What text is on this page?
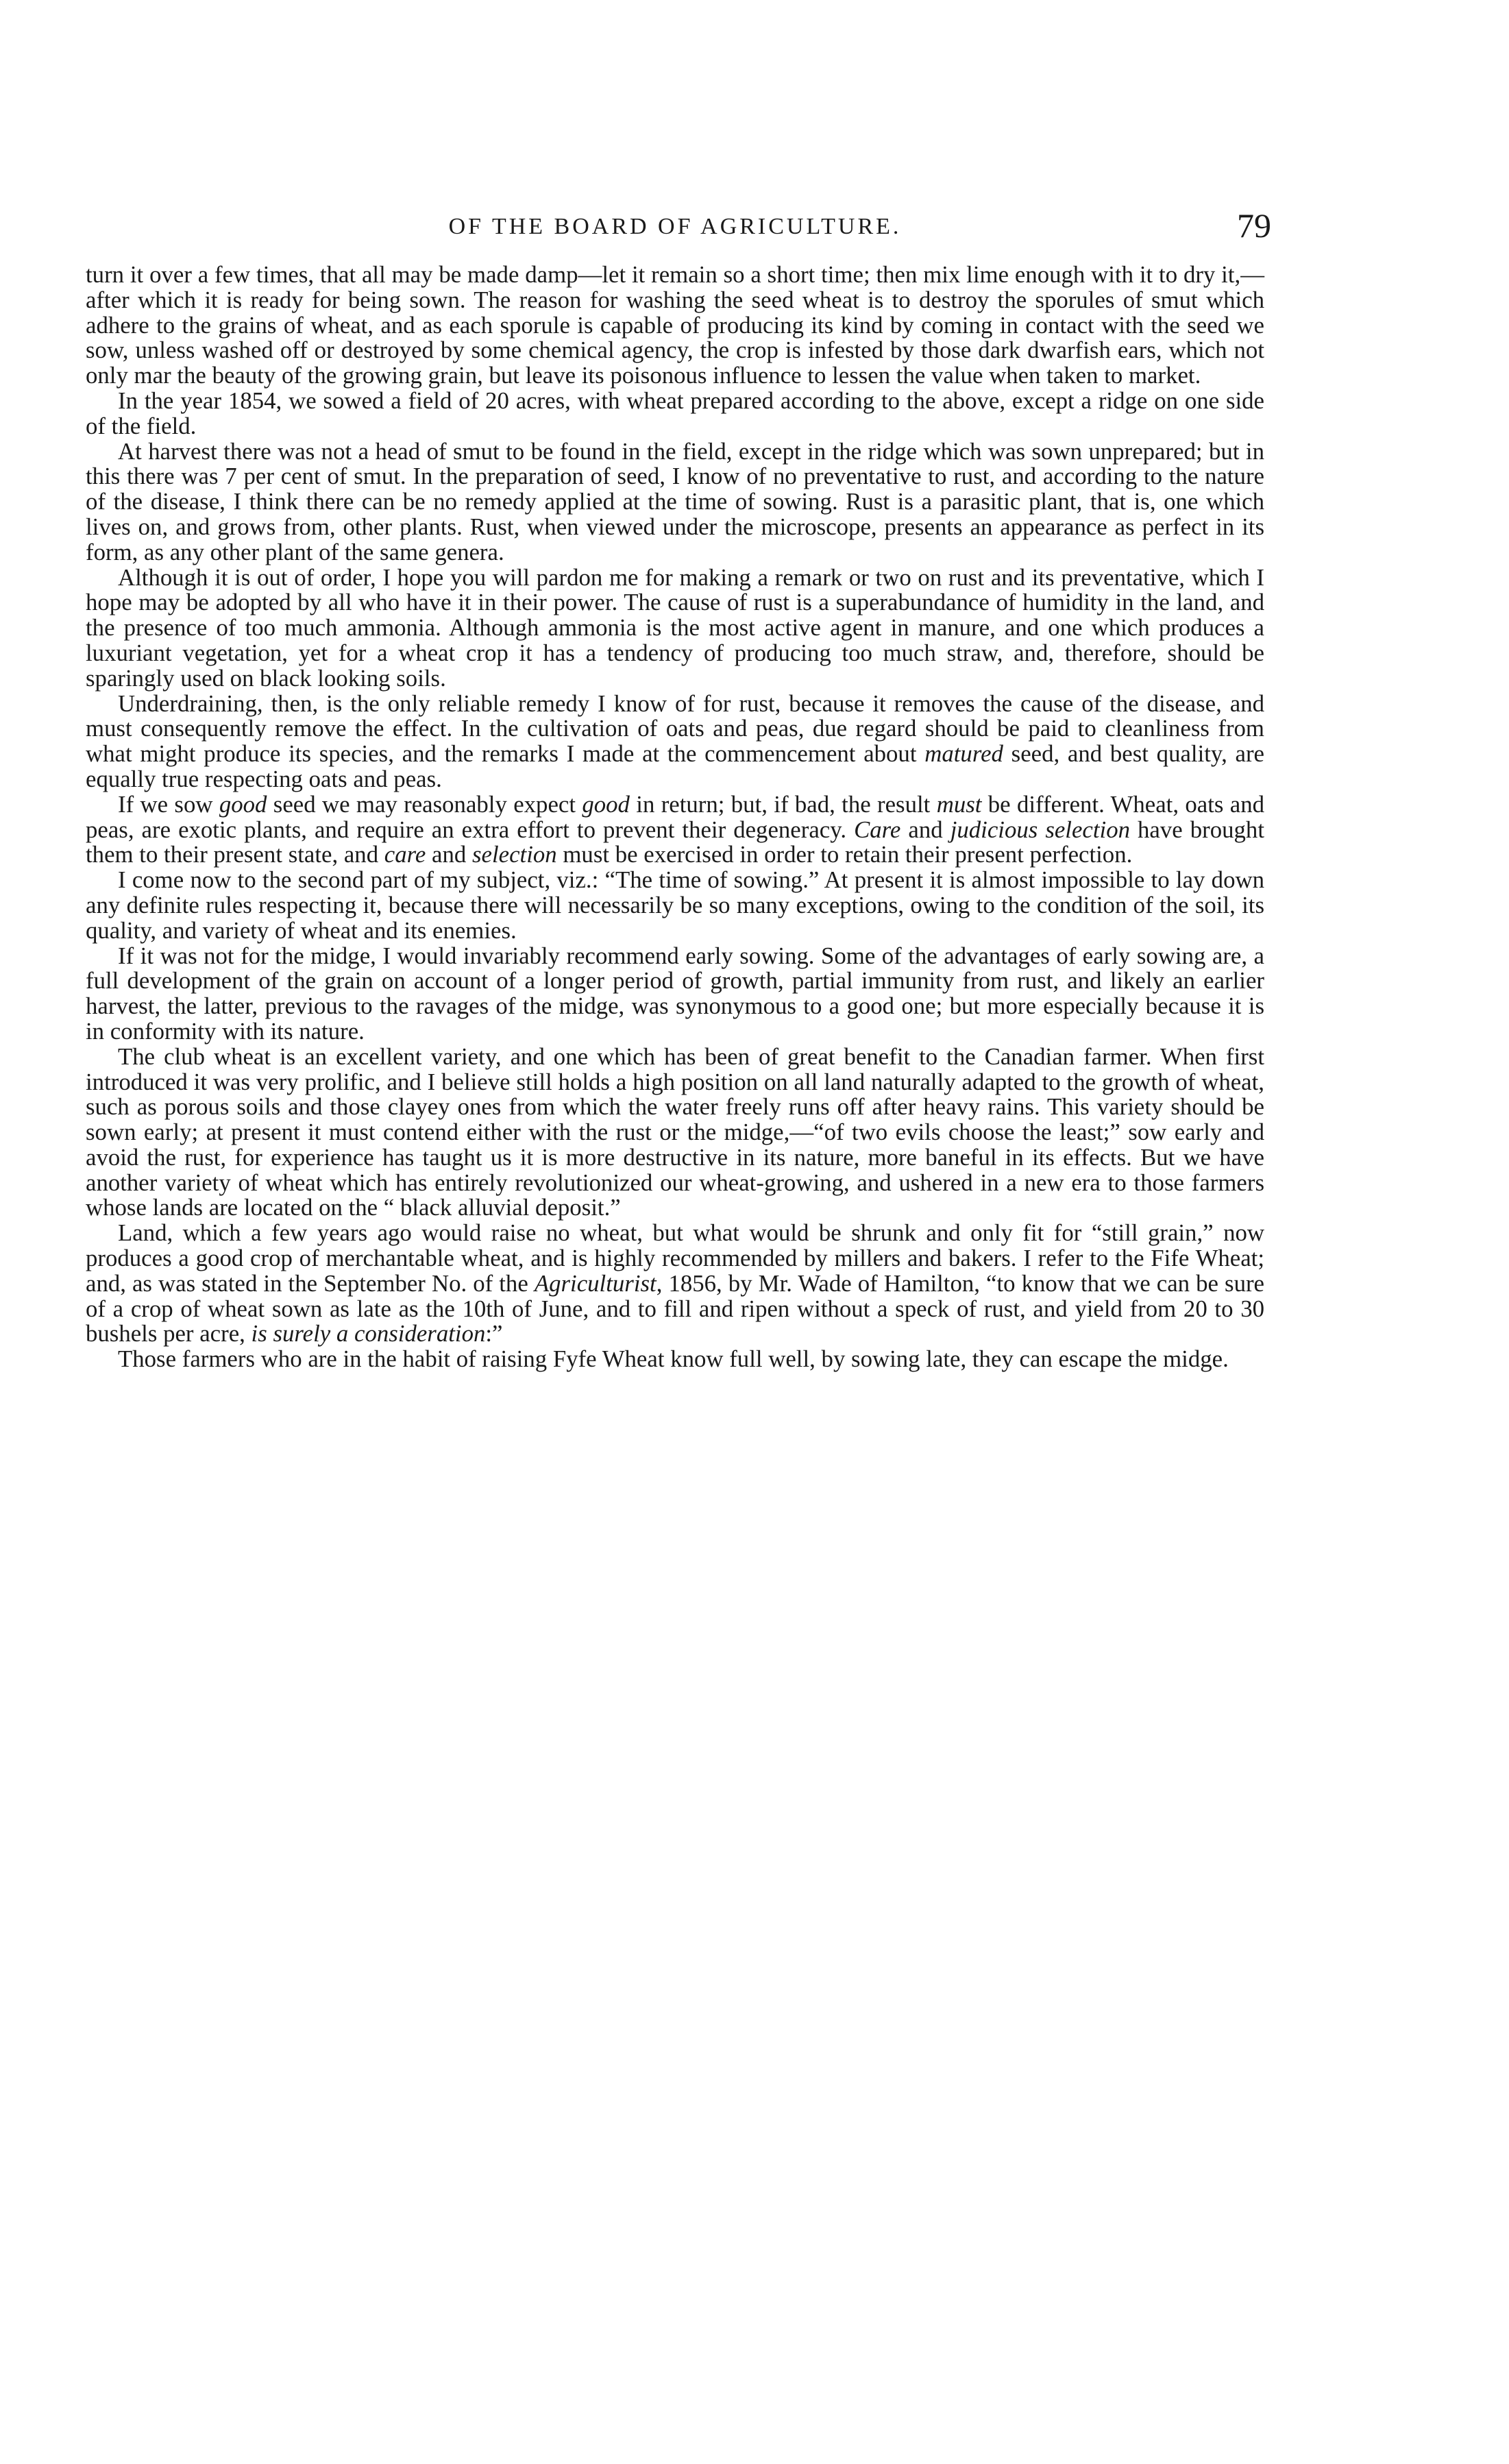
OF THE BOARD OF AGRICULTURE.	79

turn it over a few times, that all may be made damp—let it remain so a short time; then mix lime enough with it to dry it,—after which it is ready for being sown. The reason for washing the seed wheat is to destroy the sporules of smut which adhere to the grains of wheat, and as each sporule is capable of producing its kind by coming in contact with the seed we sow, unless washed off or destroyed by some chemical agency, the crop is infested by those dark dwarfish ears, which not only mar the beauty of the growing grain, but leave its poisonous influence to lessen the value when taken to market.

In the year 1854, we sowed a field of 20 acres, with wheat prepared according to the above, except a ridge on one side of the field.

At harvest there was not a head of smut to be found in the field, except in the ridge which was sown unprepared; but in this there was 7 per cent of smut. In the preparation of seed, I know of no preventative to rust, and according to the nature of the disease, I think there can be no remedy applied at the time of sowing. Rust is a parasitic plant, that is, one which lives on, and grows from, other plants. Rust, when viewed under the microscope, presents an appearance as perfect in its form, as any other plant of the same genera.

Although it is out of order, I hope you will pardon me for making a remark or two on rust and its preventative, which I hope may be adopted by all who have it in their power. The cause of rust is a superabundance of humidity in the land, and the presence of too much ammonia. Although ammonia is the most active agent in manure, and one which produces a luxuriant vegetation, yet for a wheat crop it has a tendency of producing too much straw, and, therefore, should be sparingly used on black looking soils.

Underdraining, then, is the only reliable remedy I know of for rust, because it removes the cause of the disease, and must consequently remove the effect. In the cultivation of oats and peas, due regard should be paid to cleanliness from what might produce its species, and the remarks I made at the commencement about matured seed, and best quality, are equally true respecting oats and peas.

If we sow good seed we may reasonably expect good in return; but, if bad, the result must be different. Wheat, oats and peas, are exotic plants, and require an extra effort to prevent their degeneracy. Care and judicious selection have brought them to their present state, and care and selection must be exercised in order to retain their present perfection.

I come now to the second part of my subject, viz.: “The time of sowing.” At present it is almost impossible to lay down any definite rules respecting it, because there will necessarily be so many exceptions, owing to the condition of the soil, its quality, and variety of wheat and its enemies.

If it was not for the midge, I would invariably recommend early sowing. Some of the advantages of early sowing are, a full development of the grain on account of a longer period of growth, partial immunity from rust, and likely an earlier harvest, the latter, previous to the ravages of the midge, was synonymous to a good one; but more especially because it is in conformity with its nature.

The club wheat is an excellent variety, and one which has been of great benefit to the Canadian farmer. When first introduced it was very prolific, and I believe still holds a high position on all land naturally adapted to the growth of wheat, such as porous soils and those clayey ones from which the water freely runs off after heavy rains. This variety should be sown early; at present it must contend either with the rust or the midge,—“of two evils choose the least;” sow early and avoid the rust, for experience has taught us it is more destructive in its nature, more baneful in its effects. But we have another variety of wheat which has entirely revolutionized our wheat-growing, and ushered in a new era to those farmers whose lands are located on the “ black alluvial deposit.”

Land, which a few years ago would raise no wheat, but what would be shrunk and only fit for “still grain,” now produces a good crop of merchantable wheat, and is highly recommended by millers and bakers. I refer to the Fife Wheat; and, as was stated in the September No. of the Agriculturist, 1856, by Mr. Wade of Hamilton, “to know that we can be sure of a crop of wheat sown as late as the 10th of June, and to fill and ripen without a speck of rust, and yield from 20 to 30 bushels per acre, is surely a consideration:”

Those farmers who are in the habit of raising Fyfe Wheat know full well, by sowing late, they can escape the midge.
